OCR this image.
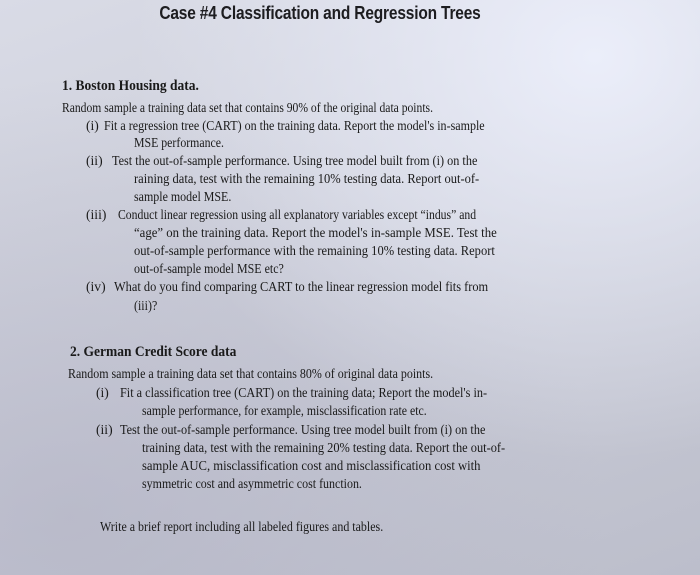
Case #4 Classification and Regression Trees
1. Boston Housing data.
Random sample a training data set that contains 90% of the original data points.
(i) Fit a regression tree (CART) on the training data. Report the model's in-sample
MSE performance.
(ii) Test the out-of-sample performance. Using tree model built from (i) on the
raining data, test with the remaining 10% testing data. Report out-of-
sample model MSE.
(iii) Conduct linear regression using all explanatory variables except “indus” and
“age” on the training data. Report the model's in-sample MSE. Test the
out-of-sample performance with the remaining 10% testing data. Report
out-of-sample model MSE etc?
(iv) What do you find comparing CART to the linear regression model fits from
(iii)?
2. German Credit Score data
Random sample a training data set that contains 80% of original data points.
(i) Fit a classification tree (CART) on the training data; Report the model's in-
sample performance, for example, misclassification rate etc.
(ii) Test the out-of-sample performance. Using tree model built from (i) on the
training data, test with the remaining 20% testing data. Report the out-of-
sample AUC, misclassification cost and misclassification cost with
symmetric cost and asymmetric cost function.
Write a brief report including all labeled figures and tables.
